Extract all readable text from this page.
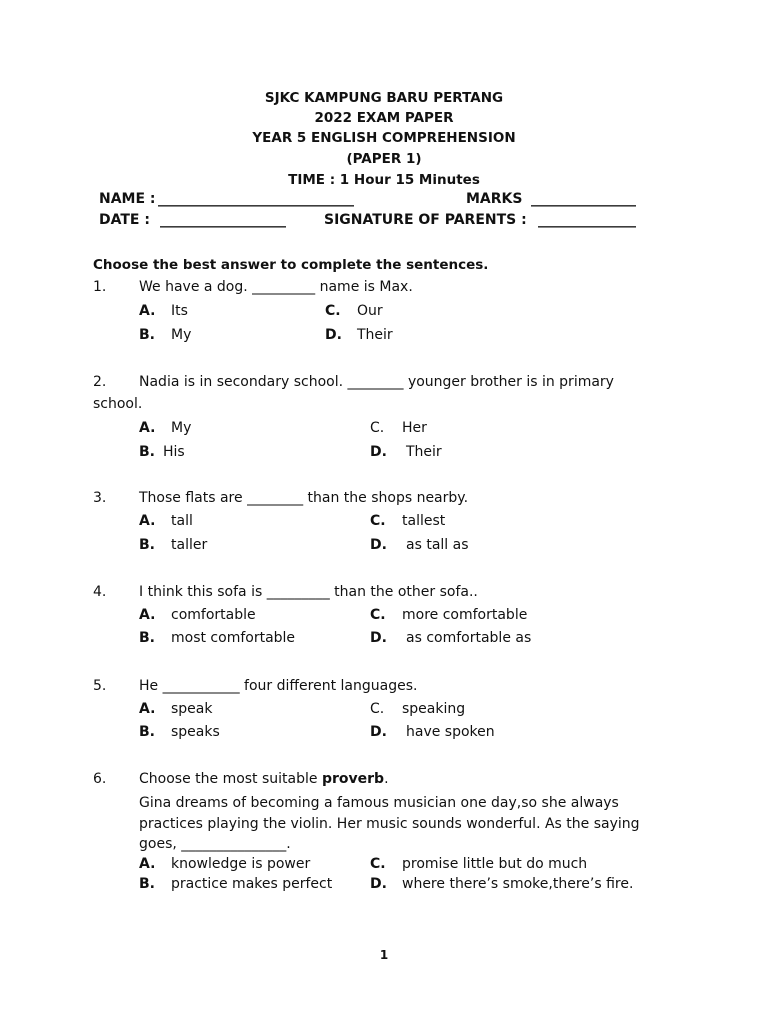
SJKC KAMPUNG BARU PERTANG
2022 EXAM PAPER
YEAR 5 ENGLISH COMPREHENSION
(PAPER 1)
TIME : 1 Hour 15 Minutes
NAME : ____________________________	MARKS _______________
DATE : __________________	SIGNATURE OF PARENTS : ______________
Choose the best answer to complete the sentences.
1. We have a dog. _________ name is Max.
A. Its
B. My
C. Our
D. Their
2. Nadia is in secondary school. ________ younger brother is in primary
school.
A. My
B. His
C. Her
D. Their
3. Those flats are ________ than the shops nearby.
A. tall
B. taller
C. tallest
D. as tall as
4. I think this sofa is _________ than the other sofa..
A. comfortable
B. most comfortable
C. more comfortable
D. as comfortable as
5. He ___________ four different languages.
A. speak
B. speaks
C. speaking
D. have spoken
6. Choose the most suitable proverb.
Gina dreams of becoming a famous musician one day,so she always
practices playing the violin. Her music sounds wonderful. As the saying
goes, _______________.
A. knowledge is power
B. practice makes perfect
C. promise little but do much
D. where there’s smoke,there’s fire.
1
